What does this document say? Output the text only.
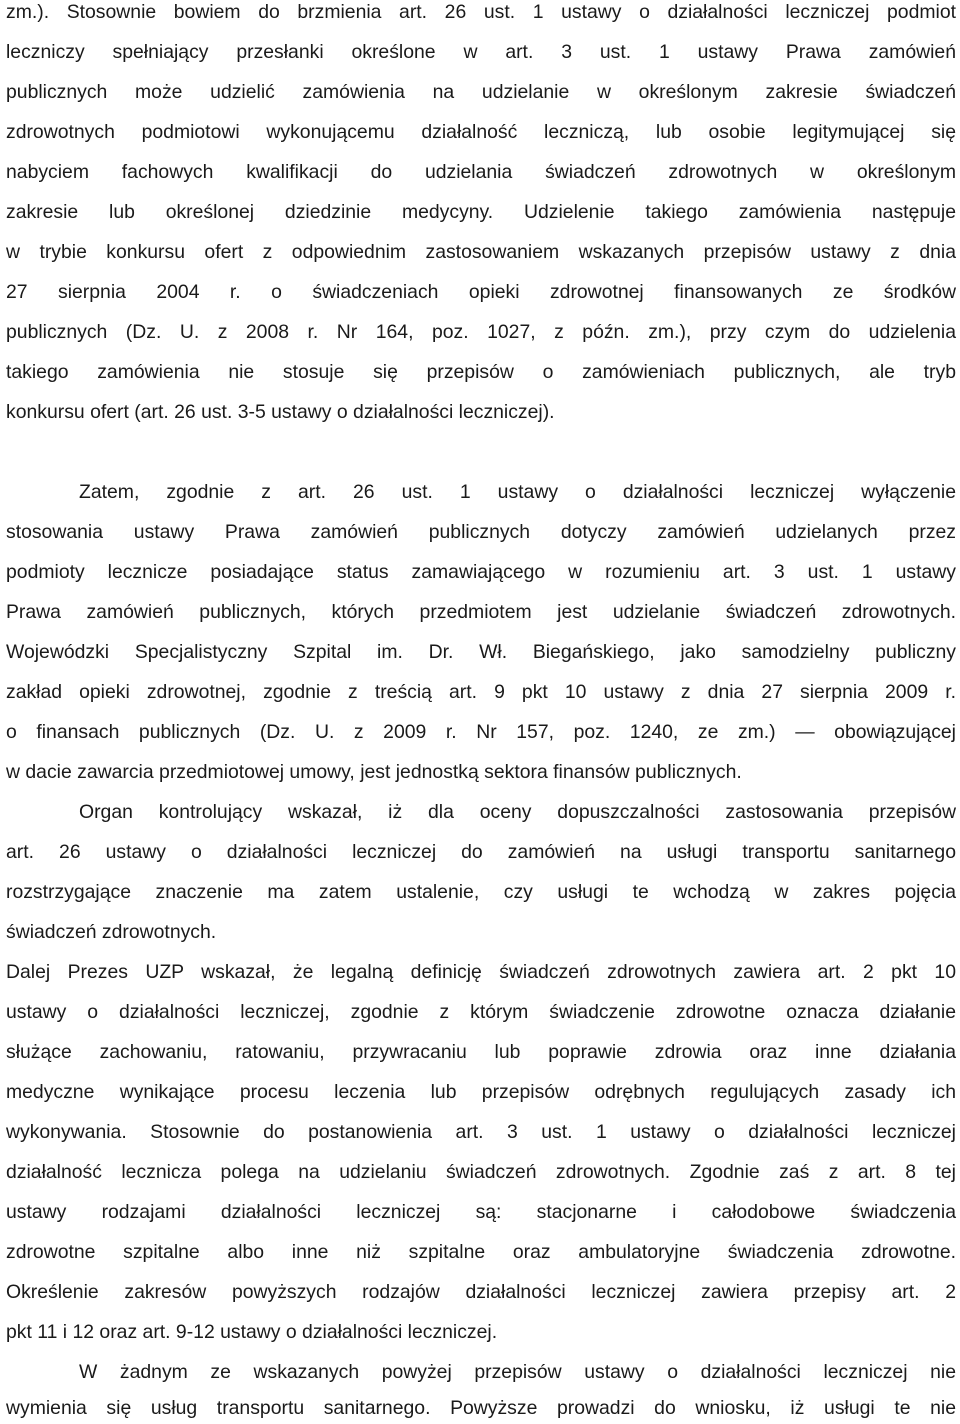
zm.). Stosownie bowiem do brzmienia art. 26 ust. 1 ustawy o działalności leczniczej podmiot
leczniczy spełniający przesłanki określone w art. 3 ust. 1 ustawy Prawa zamówień
publicznych może udzielić zamówienia na udzielanie w określonym zakresie świadczeń
zdrowotnych podmiotowi wykonującemu działalność leczniczą, lub osobie legitymującej się
nabyciem fachowych kwalifikacji do udzielania świadczeń zdrowotnych w określonym
zakresie lub określonej dziedzinie medycyny. Udzielenie takiego zamówienia następuje
w trybie konkursu ofert z odpowiednim zastosowaniem wskazanych przepisów ustawy z dnia
27 sierpnia 2004 r. o świadczeniach opieki zdrowotnej finansowanych ze środków
publicznych (Dz. U. z 2008 r. Nr 164, poz. 1027, z późn. zm.), przy czym do udzielenia
takiego zamówienia nie stosuje się przepisów o zamówieniach publicznych, ale tryb
konkursu ofert (art. 26 ust. 3-5 ustawy o działalności leczniczej).
Zatem, zgodnie z art. 26 ust. 1 ustawy o działalności leczniczej wyłączenie
stosowania ustawy Prawa zamówień publicznych dotyczy zamówień udzielanych przez
podmioty lecznicze posiadające status zamawiającego w rozumieniu art. 3 ust. 1 ustawy
Prawa zamówień publicznych, których przedmiotem jest udzielanie świadczeń zdrowotnych.
Wojewódzki Specjalistyczny Szpital im. Dr. Wł. Biegańskiego, jako samodzielny publiczny
zakład opieki zdrowotnej, zgodnie z treścią art. 9 pkt 10 ustawy z dnia 27 sierpnia 2009 r.
o finansach publicznych (Dz. U. z 2009 r. Nr 157, poz. 1240, ze zm.) — obowiązującej
w dacie zawarcia przedmiotowej umowy, jest jednostką sektora finansów publicznych.
Organ kontrolujący wskazał, iż dla oceny dopuszczalności zastosowania przepisów
art. 26 ustawy o działalności leczniczej do zamówień na usługi transportu sanitarnego
rozstrzygające znaczenie ma zatem ustalenie, czy usługi te wchodzą w zakres pojęcia
świadczeń zdrowotnych.
Dalej Prezes UZP wskazał, że legalną definicję świadczeń zdrowotnych zawiera art. 2 pkt 10
ustawy o działalności leczniczej, zgodnie z którym świadczenie zdrowotne oznacza działanie
służące zachowaniu, ratowaniu, przywracaniu lub poprawie zdrowia oraz inne działania
medyczne wynikające procesu leczenia lub przepisów odrębnych regulujących zasady ich
wykonywania. Stosownie do postanowienia art. 3 ust. 1 ustawy o działalności leczniczej
działalność lecznicza polega na udzielaniu świadczeń zdrowotnych. Zgodnie zaś z art. 8 tej
ustawy rodzajami działalności leczniczej są: stacjonarne i całodobowe świadczenia
zdrowotne szpitalne albo inne niż szpitalne oraz ambulatoryjne świadczenia zdrowotne.
Określenie zakresów powyższych rodzajów działalności leczniczej zawiera przepisy art. 2
pkt 11 i 12 oraz art. 9-12 ustawy o działalności leczniczej.
W żadnym ze wskazanych powyżej przepisów ustawy o działalności leczniczej nie
wymienia się usług transportu sanitarnego. Powyższe prowadzi do wniosku, iż usługi te nie
